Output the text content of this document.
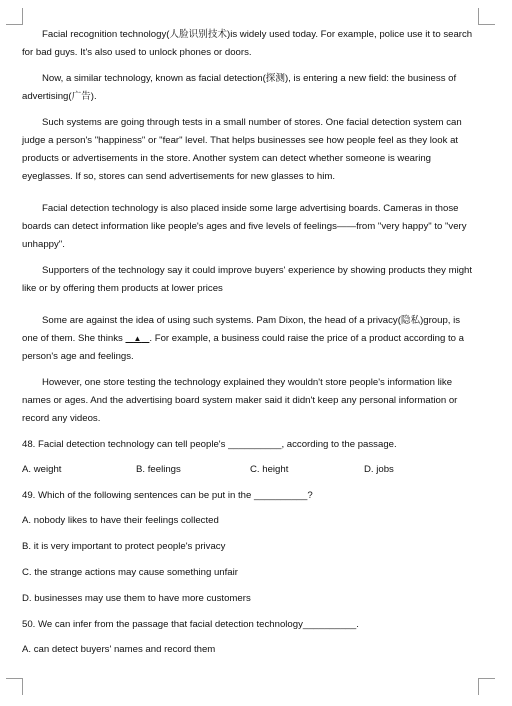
Facial recognition technology(人脸识别技术)is widely used today. For example, police use it to search for bad guys. It's also used to unlock phones or doors.

Now, a similar technology, known as facial detection(探测), is entering a new field: the business of advertising(广告).

Such systems are going through tests in a small number of stores. One facial detection system can judge a person's "happiness" or "fear" level. That helps businesses see how people feel as they look at products or advertisements in the store. Another system can detect whether someone is wearing eyeglasses. If so, stores can send advertisements for new glasses to him.

Facial detection technology is also placed inside some large advertising boards. Cameras in those boards can detect information like people's ages and five levels of feelings——from "very happy" to "very unhappy".

Supporters of the technology say it could improve buyers' experience by showing products they might like or by offering them products at lower prices

Some are against the idea of using such systems. Pam Dixon, the head of a privacy(隐私)group, is one of them. She thinks    ▲ . For example, a business could raise the price of a product according to a person's age and feelings.

However, one store testing the technology explained they wouldn't store people's information like names or ages. And the advertising board system maker said it didn't keep any personal information or record any videos.

48. Facial detection technology can tell people's __________, according to the passage.
A. weight	B. feelings	C. height	D. jobs
49. Which of the following sentences can be put in the __________?
A. nobody likes to have their feelings collected
B. it is very important to protect people's privacy
C. the strange actions may cause something unfair
D. businesses may use them to have more customers
50. We can infer from the passage that facial detection technology__________.
A. can detect buyers' names and record them
